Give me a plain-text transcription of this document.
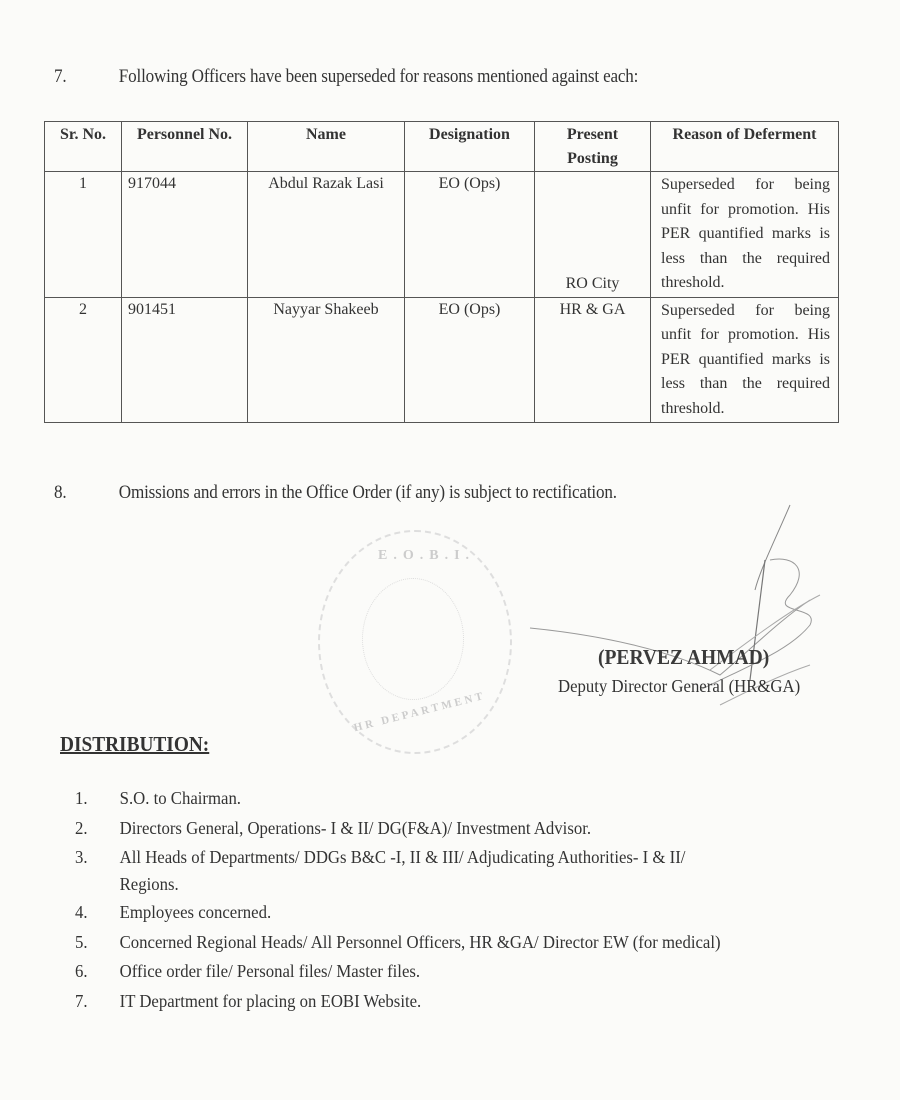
7.	Following Officers have been superseded for reasons mentioned against each:
Sr. No.	Personnel No.	Name	Designation	Present Posting	Reason of Deferment
1	917044	Abdul Razak Lasi	EO (Ops)	RO City	Superseded for being unfit for promotion. His PER quantified marks is less than the required threshold.
2	901451	Nayyar Shakeeb	EO (Ops)	HR & GA	Superseded for being unfit for promotion. His PER quantified marks is less than the required threshold.
8.	Omissions and errors in the Office Order (if any) is subject to rectification.
E.O.B.I.
HR DEPARTMENT
(PERVEZ AHMAD)
Deputy Director General (HR&GA)
DISTRIBUTION:
1. S.O. to Chairman.
2. Directors General, Operations- I & II/ DG(F&A)/ Investment Advisor.
3. All Heads of Departments/ DDGs B&C -I, II & III/ Adjudicating Authorities- I & II/
Regions.
4. Employees concerned.
5. Concerned Regional Heads/ All Personnel Officers, HR &GA/ Director EW (for medical)
6. Office order file/ Personal files/ Master files.
7. IT Department for placing on EOBI Website.
